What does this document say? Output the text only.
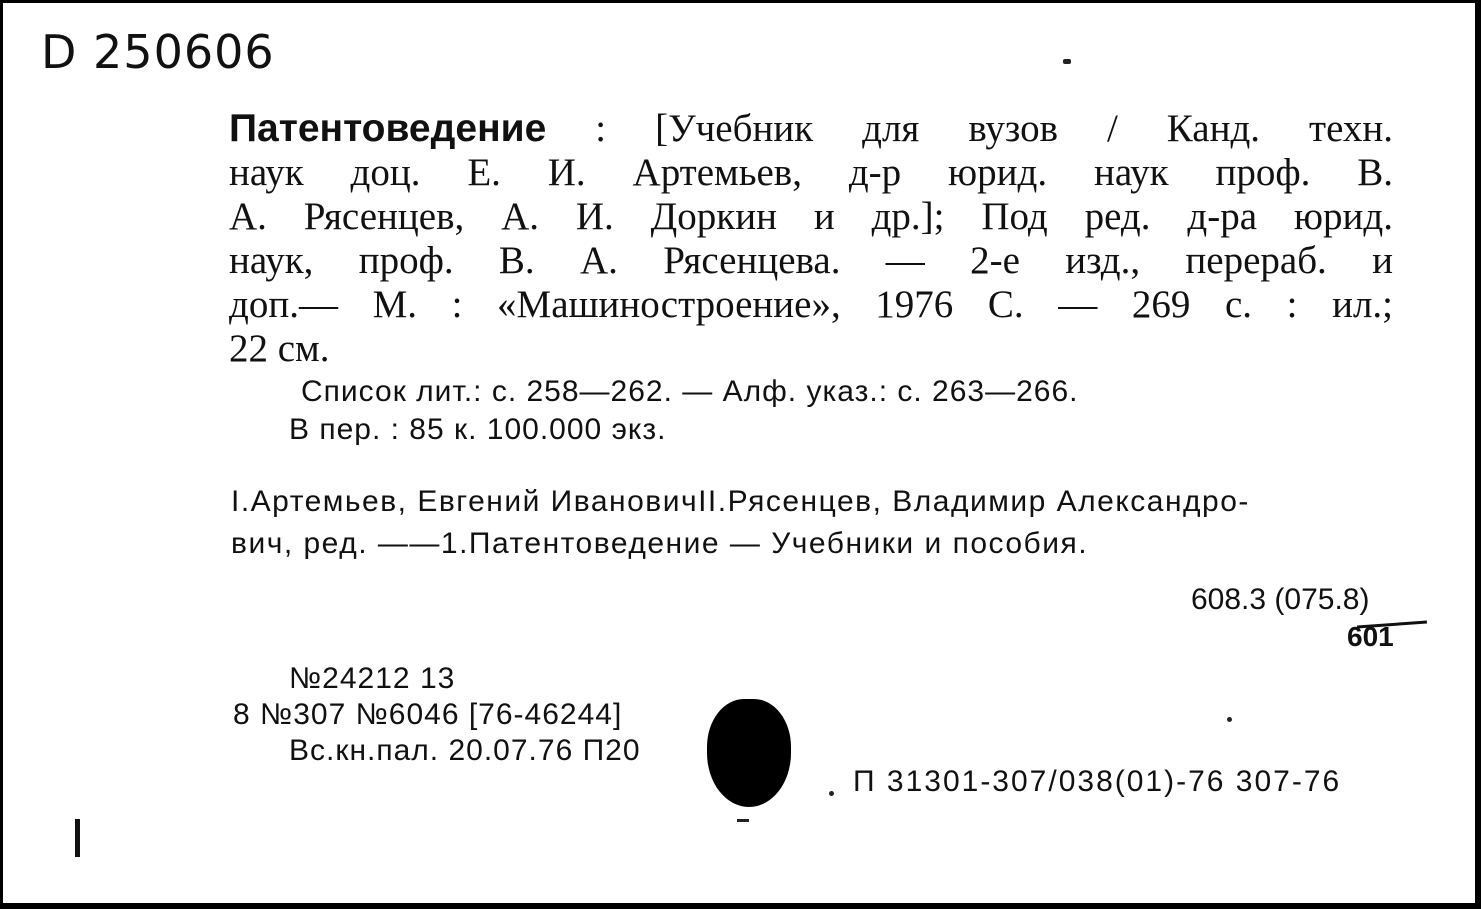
Ⅾ 250606
Патентоведение : [Учебник для вузов / Канд. техн.
наук доц. Е. И. Артемьев, д-р юрид. наук проф. В.
А. Рясенцев, А. И. Доркин и др.]; Под ред. д-ра юрид.
наук, проф. В. А. Рясенцева. — 2-е изд., перераб. и
доп.— М. : «Машиностроение», 1976 С. — 269 с. : ил.;
22 см.
Список лит.: с. 258—262. — Алф. указ.: с. 263—266.
В пер. : 85 к. 100.000 экз.
I.Артемьев, Евгений ИвановичII.Рясенцев, Владимир Александро-
вич, ред. ——1.Патентоведение — Учебники и пособия.
608.3 (075.8)
601
№24212 13
8 №307 №6046 [76-46244]
Вс.кн.пал. 20.07.76 П20
П 31301-307/038(01)-76 307-76
